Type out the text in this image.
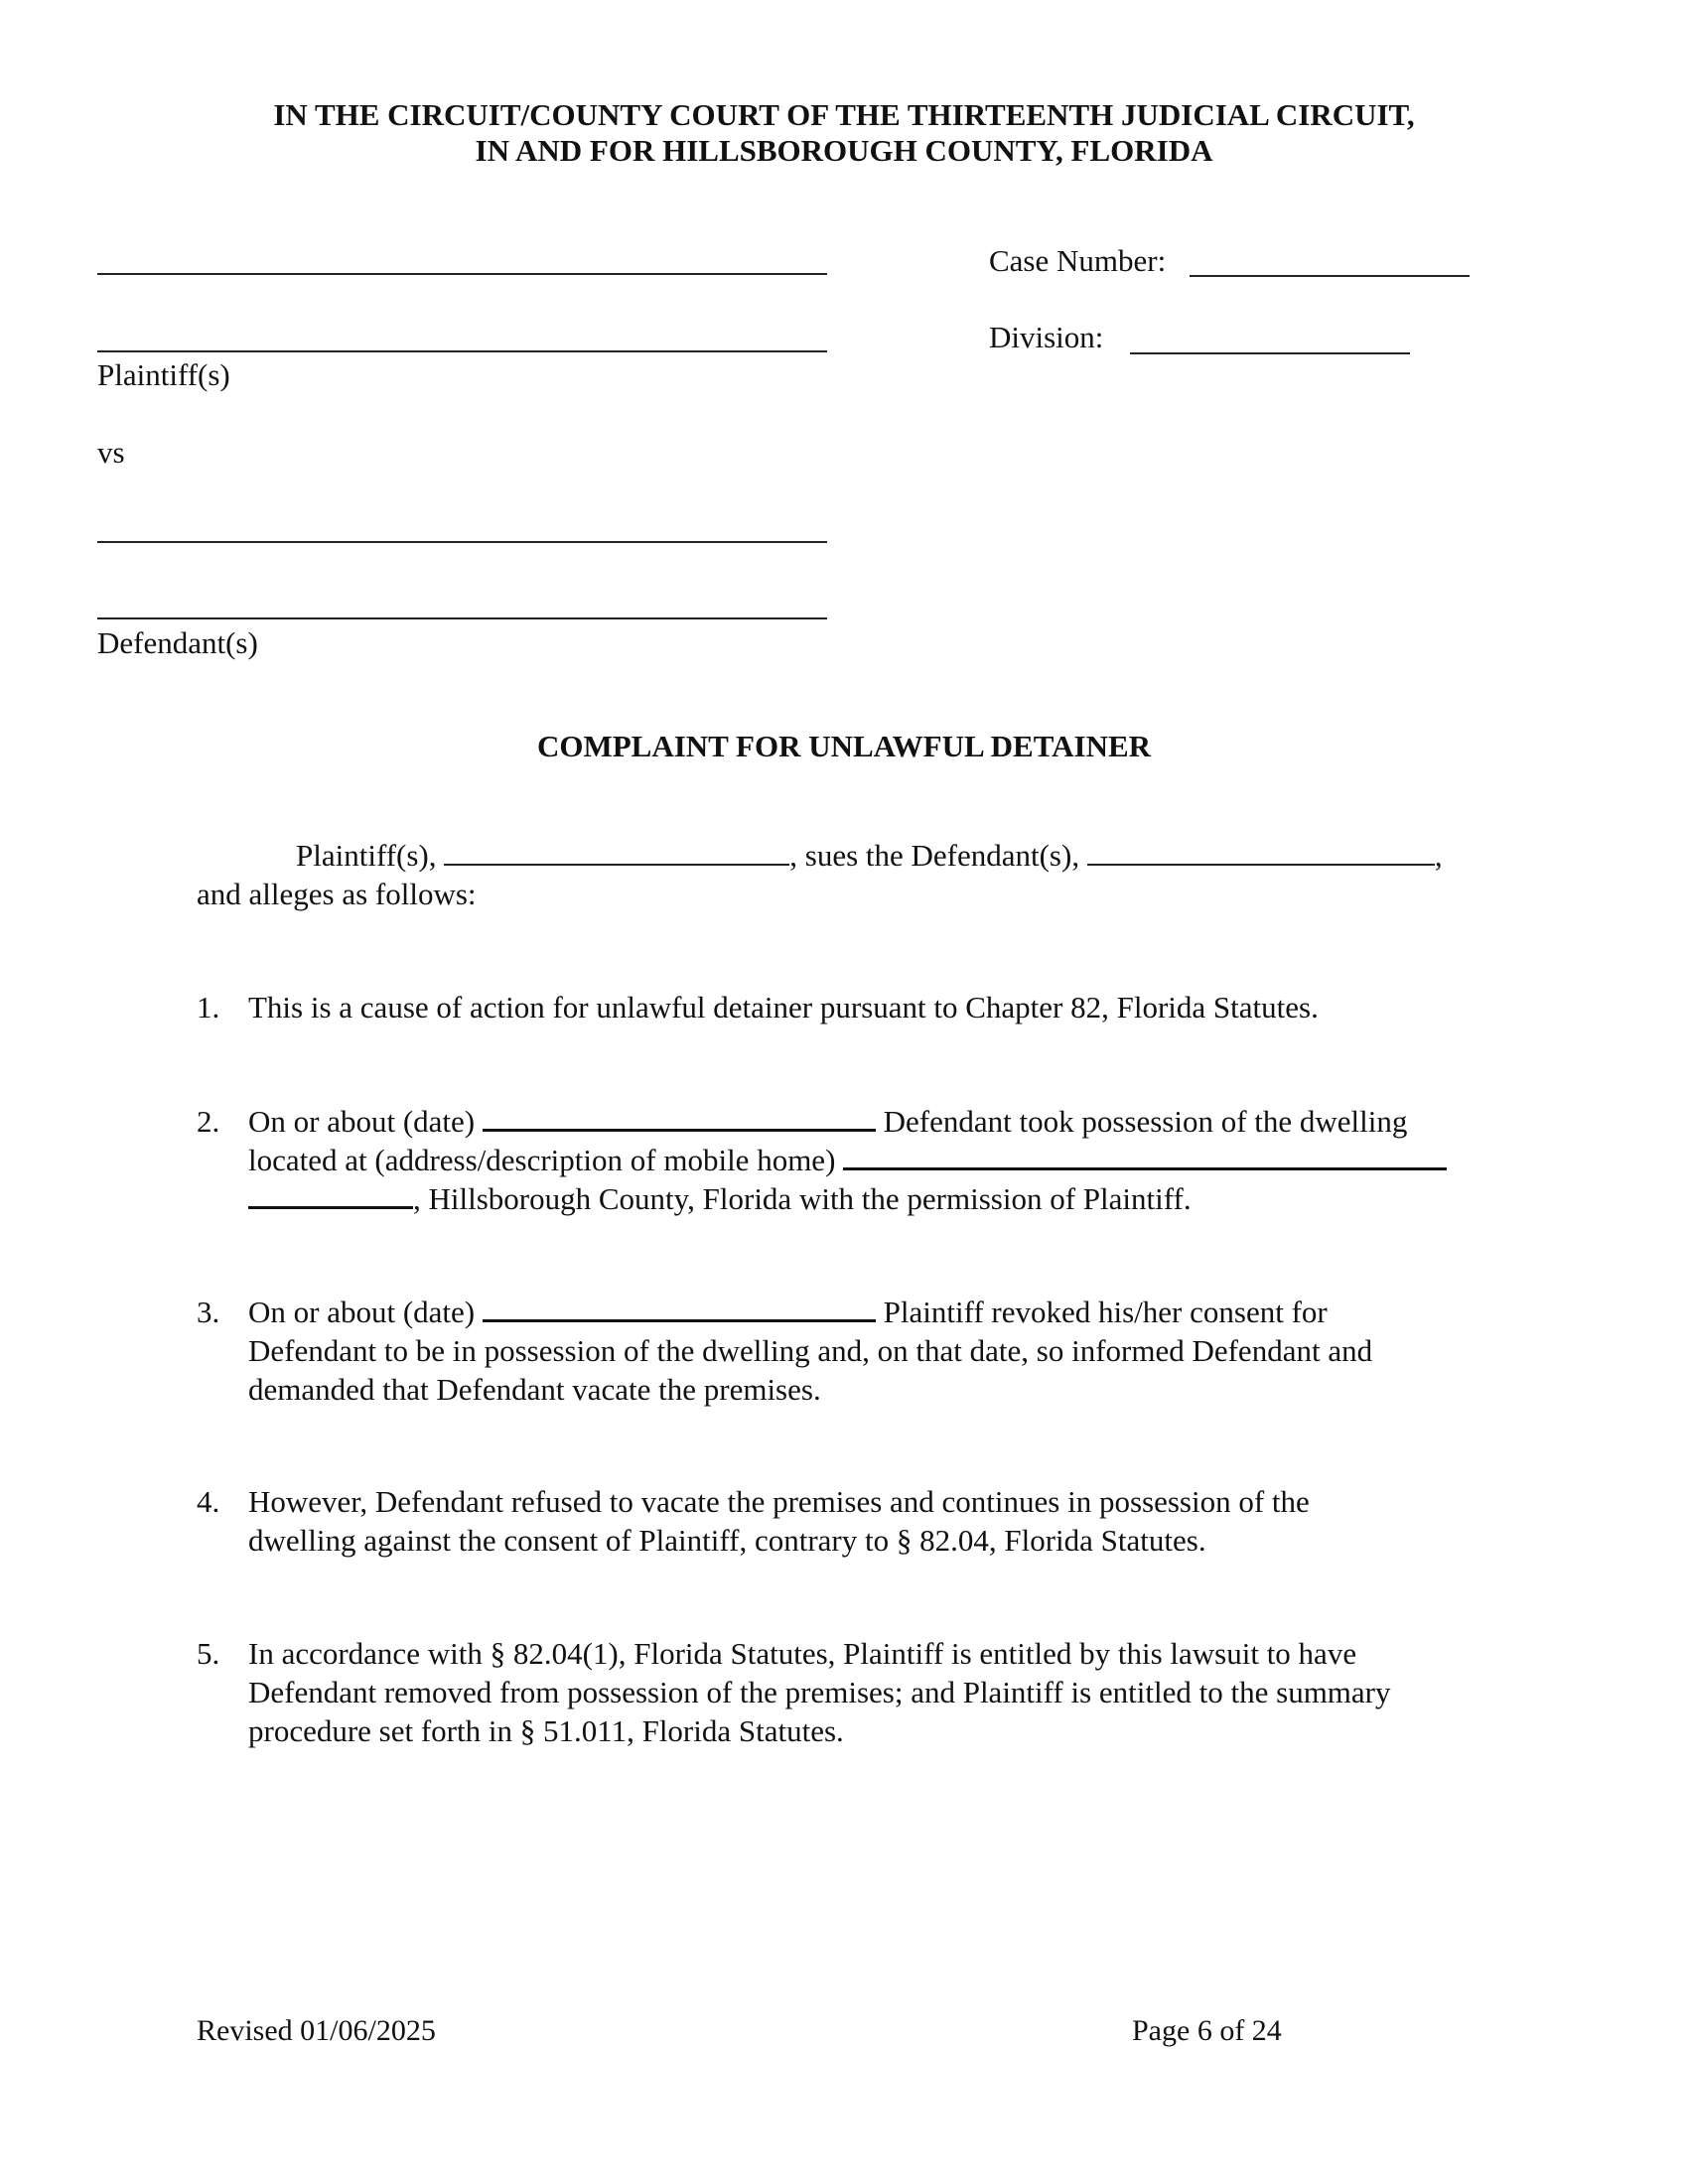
IN THE CIRCUIT/COUNTY COURT OF THE THIRTEENTH JUDICIAL CIRCUIT,
IN AND FOR HILLSBOROUGH COUNTY, FLORIDA
Plaintiff(s)
vs
Defendant(s)
Case Number:
Division:
COMPLAINT FOR UNLAWFUL DETAINER
Plaintiff(s),	, sues the Defendant(s),	,
and alleges as follows:
1. This is a cause of action for unlawful detainer pursuant to Chapter 82, Florida Statutes.
2. On or about (date)	Defendant took possession of the dwelling
located at (address/description of mobile home)
, Hillsborough County, Florida with the permission of Plaintiff.
3. On or about (date)	Plaintiff revoked his/her consent for
Defendant to be in possession of the dwelling and, on that date, so informed Defendant and
demanded that Defendant vacate the premises.
4. However, Defendant refused to vacate the premises and continues in possession of the
dwelling against the consent of Plaintiff, contrary to § 82.04, Florida Statutes.
5. In accordance with § 82.04(1), Florida Statutes, Plaintiff is entitled by this lawsuit to have
Defendant removed from possession of the premises; and Plaintiff is entitled to the summary
procedure set forth in § 51.011, Florida Statutes.
Revised 01/06/2025	Page 6 of 24
